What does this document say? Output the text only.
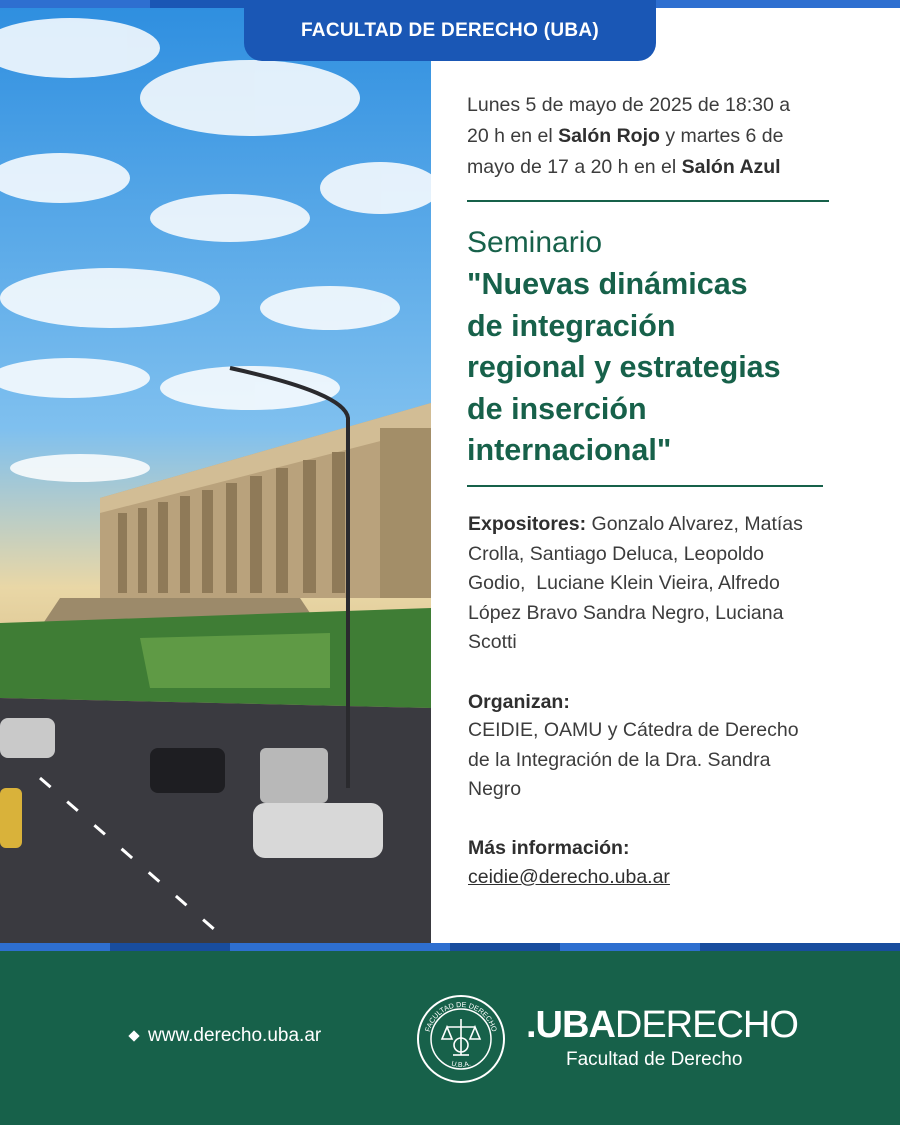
FACULTAD DE DERECHO (UBA)

Lunes 5 de mayo de 2025 de 18:30 a
20 h en el Salón Rojo y martes 6 de
mayo de 17 a 20 h en el Salón Azul

Seminario
"Nuevas dinámicas
de integración
regional y estrategias
de inserción
internacional"

Expositores: Gonzalo Alvarez, Matías
Crolla, Santiago Deluca, Leopoldo
Godio,  Luciane Klein Vieira, Alfredo
López Bravo Sandra Negro, Luciana
Scotti

Organizan:

CEIDIE, OAMU y Cátedra de Derecho
de la Integración de la Dra. Sandra
Negro

Más información:

ceidie@derecho.uba.ar
www.derecho.uba.ar	FACULTAD DE DERECHO
U.B.A.
.UBADERECHO
Facultad de Derecho
